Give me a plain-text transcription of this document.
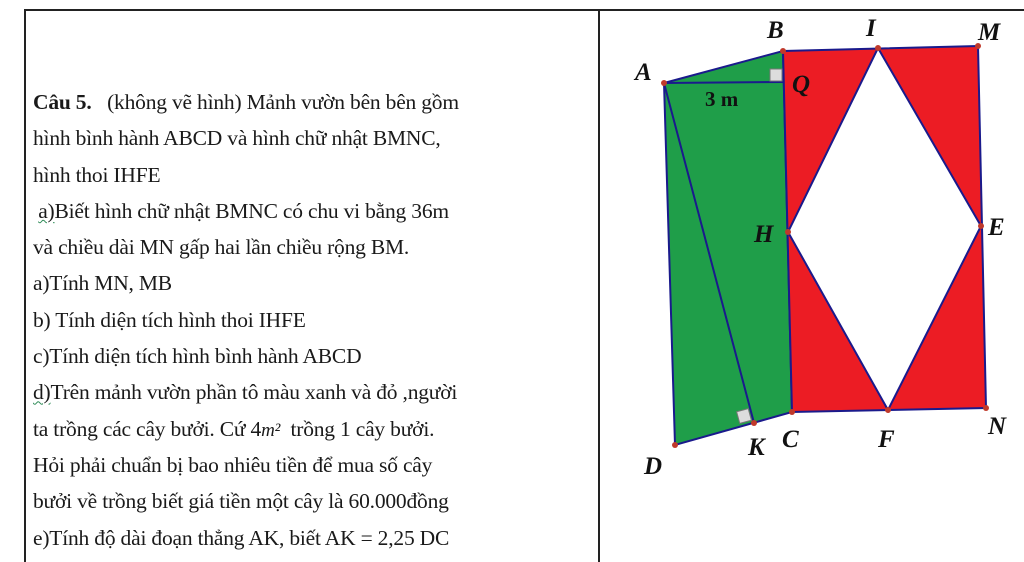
Câu 5. (không vẽ hình) Mảnh vườn bên bên gồm
hình bình hành ABCD và hình chữ nhật BMNC,
hình thoi IHFE
a)Biết hình chữ nhật BMNC có chu vi bằng 36m
và chiều dài MN gấp hai lần chiều rộng BM.
a)Tính MN, MB
b) Tính diện tích hình thoi IHFE
c)Tính diện tích hình bình hành ABCD
d)Trên mảnh vườn phần tô màu xanh và đỏ ,người
ta trồng các cây bưởi. Cứ 4m² trồng 1 cây bưởi.
Hỏi phải chuẩn bị bao nhiêu tiền để mua số cây
bưởi về trồng biết giá tiền một cây là 60.000đồng
e)Tính độ dài đoạn thẳng AK, biết AK = 2,25 DC
3 m
A
B	I	M
Q
H	E
K C	F	N
D
